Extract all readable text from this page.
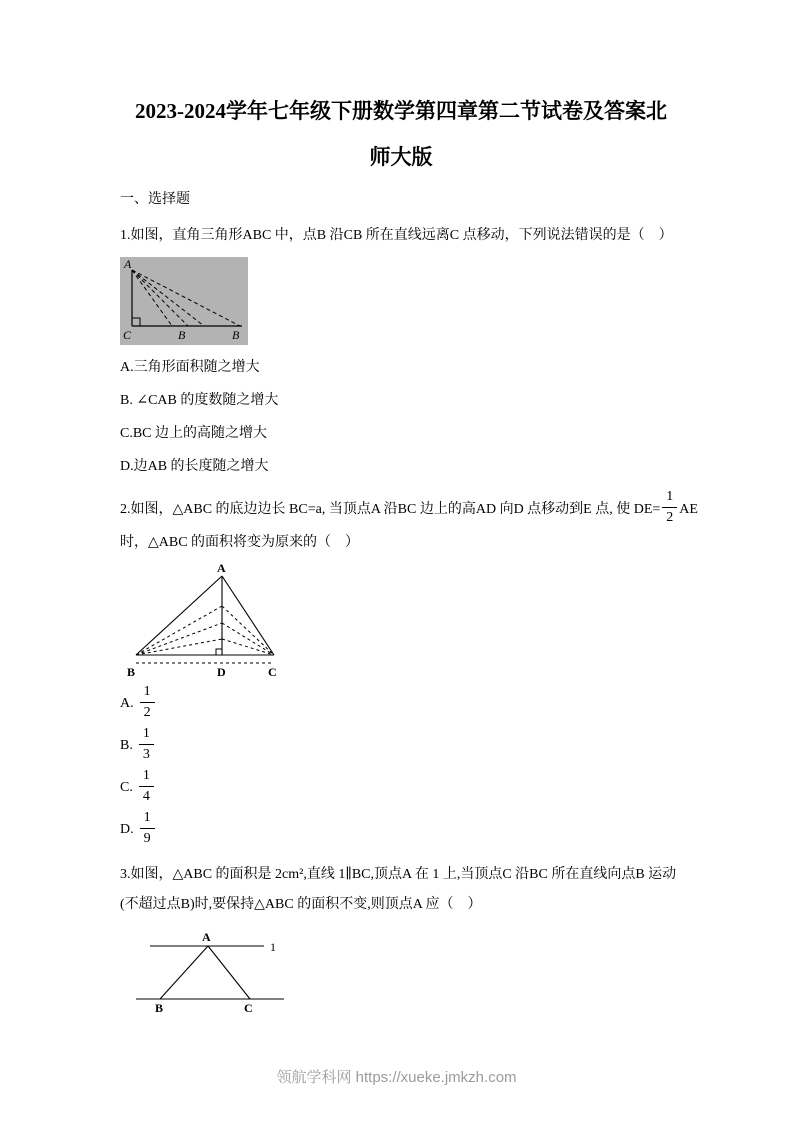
2023-2024学年七年级下册数学第四章第二节试卷及答案北
师大版
一、选择题
1.如图，直角三角形ABC 中，点B 沿CB 所在直线远离C 点移动，下列说法错误的是（　）
A
C	B	B
A.三角形面积随之增大
B. ∠CAB 的度数随之增大
C.BC 边上的高随之增大
D.边AB 的长度随之增大
2.如图，△ABC 的底边边长 BC=a, 当顶点A 沿BC 边上的高AD 向D 点移动到E 点, 使 $DE= \frac{1}{2}$ AE
时，△ABC 的面积将变为原来的（　）
A
B	D	C
A. $\frac{1}{2}$
B. $\frac{1}{3}$
C. $\frac{1}{4}$
D. $\frac{1}{9}$
3.如图，△ABC 的面积是 2cm²,直线 1∥BC,顶点A 在 1 上,当顶点C 沿BC 所在直线向点B 运动
(不超过点B)时,要保持△ABC 的面积不变,则顶点A 应（　）
A
1
B	C
领航学科网 https://xueke.jmkzh.com
